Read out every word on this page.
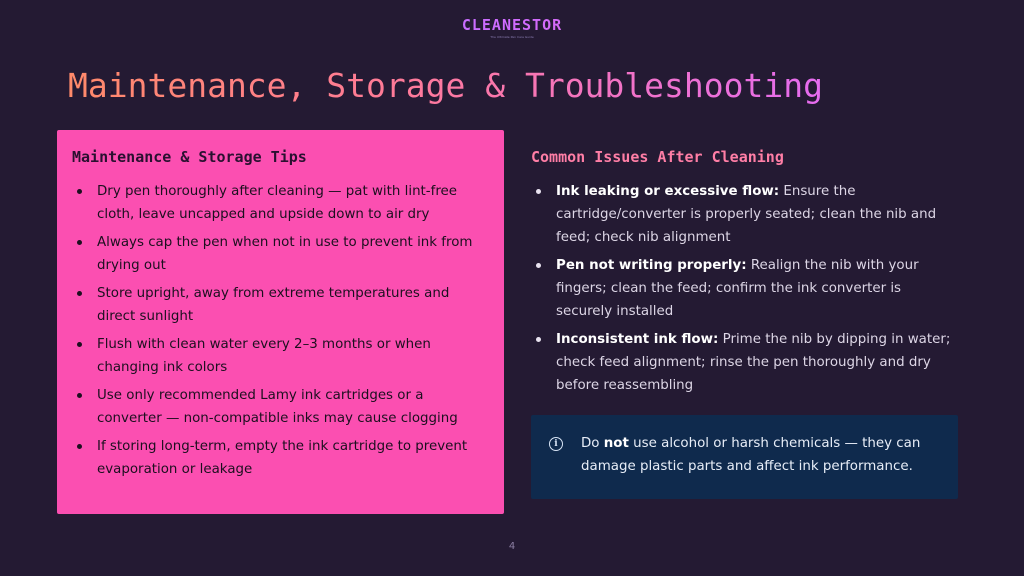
CLEANESTOR
The Ultimate Pen Care Guide
Maintenance, Storage & Troubleshooting
Maintenance & Storage Tips
Dry pen thoroughly after cleaning — pat with lint-free cloth, leave uncapped and upside down to air dry
Always cap the pen when not in use to prevent ink from drying out
Store upright, away from extreme temperatures and direct sunlight
Flush with clean water every 2–3 months or when changing ink colors
Use only recommended Lamy ink cartridges or a converter — non-compatible inks may cause clogging
If storing long-term, empty the ink cartridge to prevent evaporation or leakage
Common Issues After Cleaning
Ink leaking or excessive flow: Ensure the cartridge/converter is properly seated; clean the nib and feed; check nib alignment
Pen not writing properly: Realign the nib with your fingers; clean the feed; confirm the ink converter is securely installed
Inconsistent ink flow: Prime the nib by dipping in water; check feed alignment; rinse the pen thoroughly and dry before reassembling
i	Do not use alcohol or harsh chemicals — they can damage plastic parts and affect ink performance.
4
